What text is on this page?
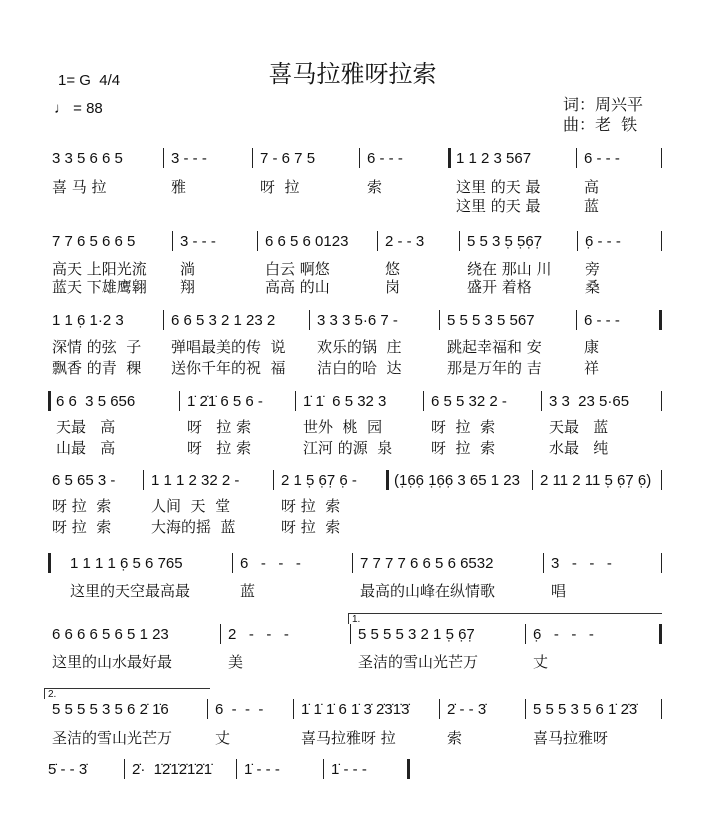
喜马拉雅呀拉索
1= G  4/4
♩ = 88	词：周兴平
曲：老  铁
1.
2.
3 3 5 6 6 5	3 - - -	7 - 6 7 5	6 - - -	1 1 2 3 567	6 - - -
喜 马 拉	雅	呀  拉	索	这里 的天 最	高
这里 的天 最	蓝
7 7 6 5 6 6 5	3 - - -	6 6 5 6 0123 2 - - 3	5 5 3 5̣ 5̣6̣7̣	6̣ - - -
高天 上阳光流 淌	白云 啊悠	悠	绕在 那山 川 旁
蓝天 下雄鹰翱 翔	高高 的山	岗	盛开 着格	桑
1 1 6̣ 1·2 3	6 6 5 3 2 1 23 2	3 3 3 5·6 7 -	5 5 5 3 5 567	6 - - -
深情 的弦  子 弹唱最美的传  说 欢乐的锅  庄	跳起幸福和 安	康
飘香 的青  稞 送你千年的祝  福 洁白的哈  达	那是万年的 吉	祥
6 6  3 5 656	1̇ 2̇1̇ 6 5 6 -	1̇ 1̇  6 5 32 3	6 5 5 32 2 -	3 3  23 5·65
天最   高	呀   拉 索	世外  桃  园	呀  拉  索	天最   蓝
山最   高	呀   拉 索	江河 的源  泉	呀  拉  索	水最   纯
6 5 65 3 - 1 1 1 2 32 2 -	2 1 5̣ 6̣7̣ 6̣ - (1̣6̣6̣ 1̣6̣6̣ 3 65 1 23 2 11 2 11 5̣ 6̣7̣ 6̣)
呀 拉  索	人间  天  堂	呀 拉  索
呀 拉  索	大海的摇  蓝	呀 拉  索
1 1 1 1 6̣ 5 6 765	6   -   -   -	7 7 7 7 6 6 5 6 6532	3   -   -   -
这里的天空最高最	蓝	最高的山峰在纵情歌	唱
6 6 6 6 5 6 5 1 23	2   -   -   -	5 5 5 5 3 2 1 5̣ 6̣7̣	6̣   -   -   -
这里的山水最好最	美	圣洁的雪山光芒万	丈
5 5 5 5 3 5 6 2̇ 1̇6	6  -  -  -	1̇ 1̇ 1̇ 6 1̇ 3̇ 2̇3̇1̇3̇	2̇ - - 3̇	5 5 5 3 5 6 1̇ 2̇3̇
圣洁的雪山光芒万	丈	喜马拉雅呀 拉	索	喜马拉雅呀
5̇ - - 3̇	2̇·  1̇2̇1̇2̇1̇2̇1̇ 1̇ - - -	1̇ - - -
